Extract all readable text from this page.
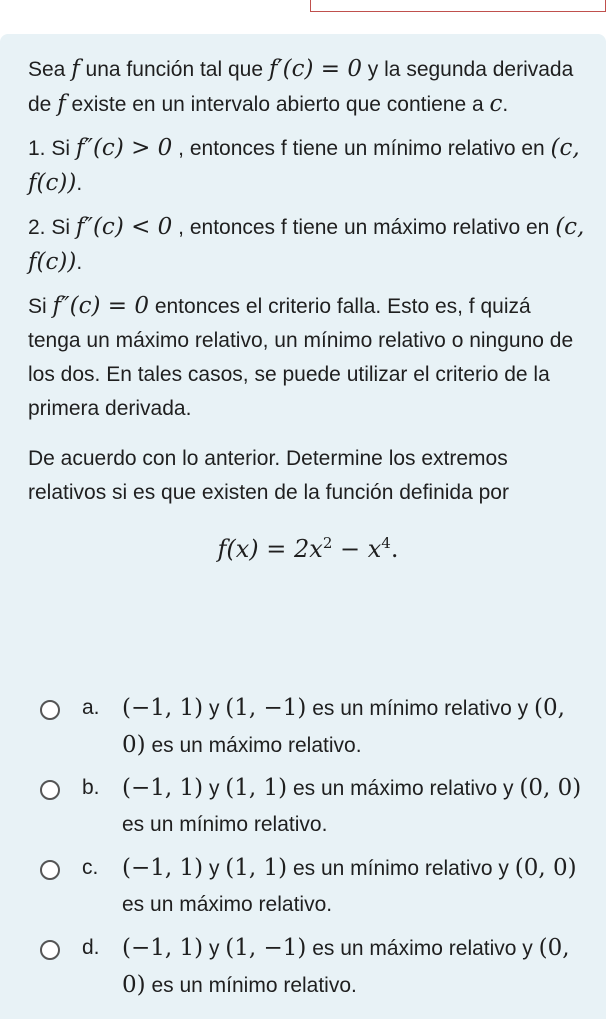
Sea f una función tal que f′(c) = 0 y la segunda derivada de f existe en un intervalo abierto que contiene a c.

1. Si f″(c) > 0 , entonces f tiene un mínimo relativo en (c, f(c)).

2. Si f″(c) < 0 , entonces f tiene un máximo relativo en (c, f(c)).

Si f″(c) = 0 entonces el criterio falla. Esto es, f quizá tenga un máximo relativo, un mínimo relativo o ninguno de los dos. En tales casos, se puede utilizar el criterio de la primera derivada.

De acuerdo con lo anterior. Determine los extremos relativos si es que existen de la función definida por

$f(x) = 2x^2 - x^4$.
a. (−1, 1) y (1, −1) es un mínimo relativo y (0, 0) es un máximo relativo.
b. (−1, 1) y (1, 1) es un máximo relativo y (0, 0) es un mínimo relativo.
c. (−1, 1) y (1, 1) es un mínimo relativo y (0, 0) es un máximo relativo.
d. (−1, 1) y (1, −1) es un máximo relativo y (0, 0) es un mínimo relativo.
